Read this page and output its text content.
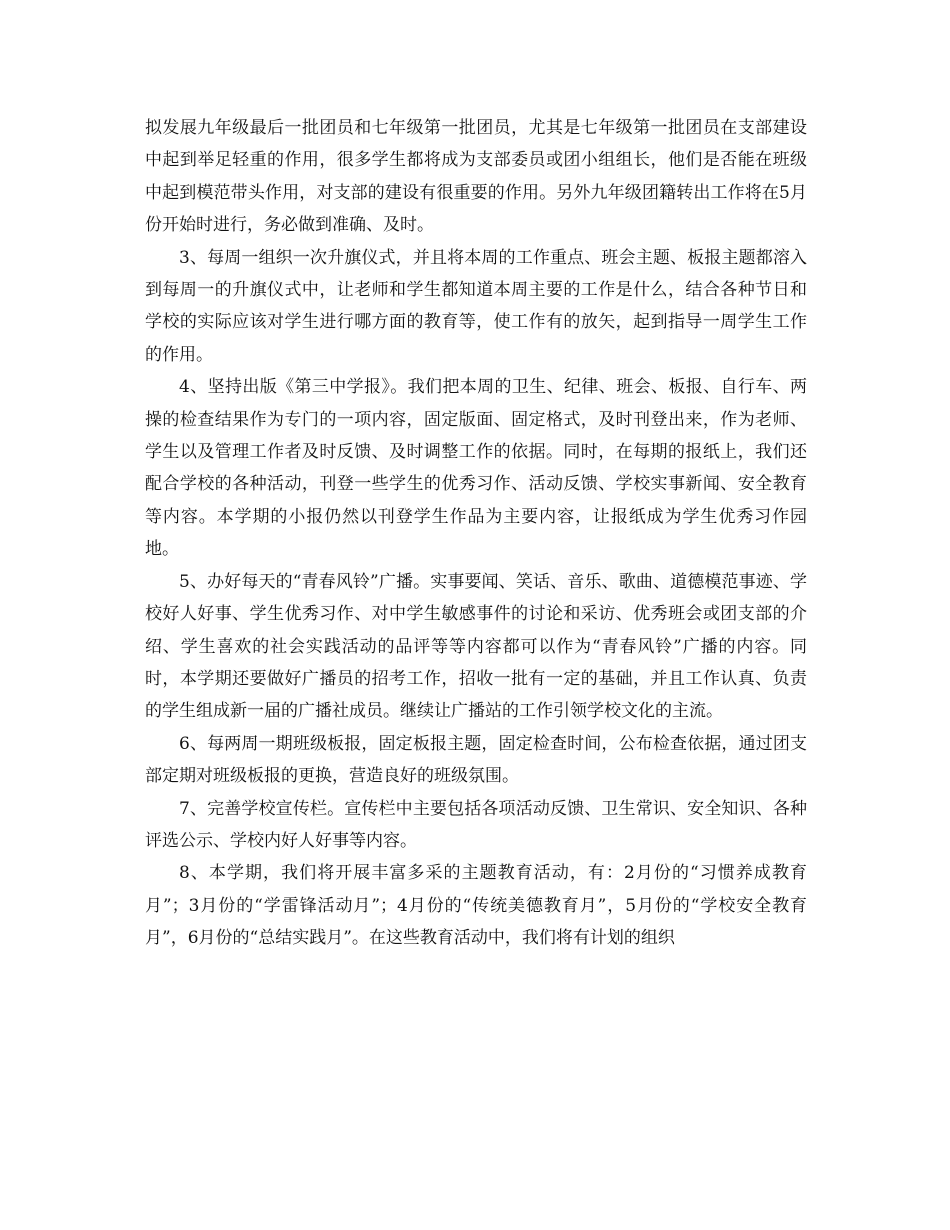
拟发展九年级最后一批团员和七年级第一批团员，尤其是七年级第一批团员在支部建设中起到举足轻重的作用，很多学生都将成为支部委员或团小组组长，他们是否能在班级中起到模范带头作用，对支部的建设有很重要的作用。另外九年级团籍转出工作将在5月份开始时进行，务必做到准确、及时。

3、每周一组织一次升旗仪式，并且将本周的工作重点、班会主题、板报主题都溶入到每周一的升旗仪式中，让老师和学生都知道本周主要的工作是什么，结合各种节日和学校的实际应该对学生进行哪方面的教育等，使工作有的放矢，起到指导一周学生工作的作用。

4、坚持出版《第三中学报》。我们把本周的卫生、纪律、班会、板报、自行车、两操的检查结果作为专门的一项内容，固定版面、固定格式，及时刊登出来，作为老师、学生以及管理工作者及时反馈、及时调整工作的依据。同时，在每期的报纸上，我们还配合学校的各种活动，刊登一些学生的优秀习作、活动反馈、学校实事新闻、安全教育等内容。本学期的小报仍然以刊登学生作品为主要内容，让报纸成为学生优秀习作园地。

5、办好每天的“青春风铃”广播。实事要闻、笑话、音乐、歌曲、道德模范事迹、学校好人好事、学生优秀习作、对中学生敏感事件的讨论和采访、优秀班会或团支部的介绍、学生喜欢的社会实践活动的品评等等内容都可以作为“青春风铃”广播的内容。同时，本学期还要做好广播员的招考工作，招收一批有一定的基础，并且工作认真、负责的学生组成新一届的广播社成员。继续让广播站的工作引领学校文化的主流。

6、每两周一期班级板报，固定板报主题，固定检查时间，公布检查依据，通过团支部定期对班级板报的更换，营造良好的班级氛围。

7、完善学校宣传栏。宣传栏中主要包括各项活动反馈、卫生常识、安全知识、各种评选公示、学校内好人好事等内容。

8、本学期，我们将开展丰富多采的主题教育活动，有：2月份的“习惯养成教育月”；3月份的“学雷锋活动月”；4月份的“传统美德教育月”，5月份的“学校安全教育月”，6月份的“总结实践月”。在这些教育活动中，我们将有计划的组织
